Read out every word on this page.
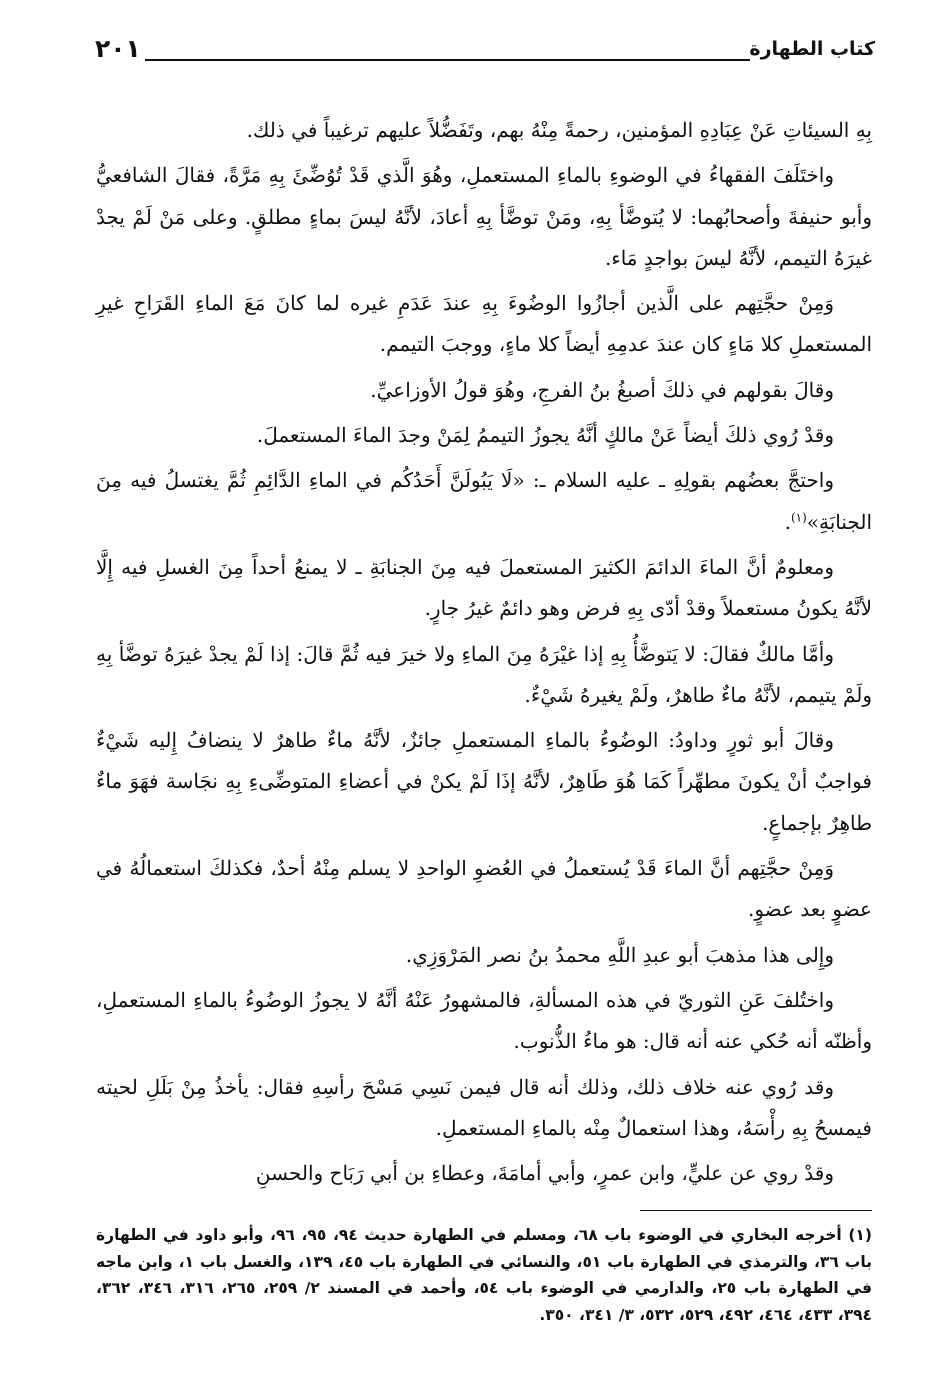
كتاب الطهارة
٢٠١

بِهِ السيئاتِ عَنْ عِبَادِهِ المؤمنين، رحمةً مِنْهُ بهم، وتَفَضُّلاً عليهم ترغيباً في ذلك.

واختَلَفَ الفقهاءُ في الوضوءِ بالماءِ المستعملِ، وهُوَ الَّذي قَدْ تُوُضِّئَ بِهِ مَرَّةً، فقالَ الشافعيُّ وأبو حنيفةَ وأصحابُهما: لا يُتوضَّأ بِهِ، ومَنْ توضَّأ بِهِ أعادَ، لأنَّهُ ليسَ بماءٍ مطلقٍ. وعلى مَنْ لَمْ يجدْ غيرَهُ التيمم، لأنَّهُ ليسَ بواجدٍ مَاء.

وَمِنْ حجَّتِهم على الَّذين أجازُوا الوضُوءَ بِهِ عندَ عَدَمِ غيره لما كانَ مَعَ الماءِ القَرَاحِ غيرِ المستعملِ كلا مَاءٍ كان عندَ عدمِهِ أيضاً كلا ماءٍ، ووجبَ التيمم.

وقالَ بقولهم في ذلكَ أصبغُ بنُ الفرجِ، وهُوَ قولُ الأوزاعيِّ.

وقدْ رُوي ذلكَ أيضاً عَنْ مالكٍ أنَّهُ يجوزُ التيممُ لِمَنْ وجدَ الماءَ المستعملَ.

واحتجَّ بعضُهم بقولِهِ ـ عليه السلام ـ: «لَا يَبُولَنَّ أَحَدُكُم في الماءِ الدَّائِمِ ثُمَّ يغتسلُ فيه مِنَ الجنابَةِ»$^{(١)}$.

ومعلومٌ أنَّ الماءَ الدائمَ الكثيرَ المستعملَ فيه مِنَ الجنابَةِ ـ لا يمنعُ أحداً مِنَ الغسلِ فيه إِلَّا لأنَّهُ يكونُ مستعملاً وقدْ أدّى بِهِ فرض وهو دائمٌ غيرُ جارٍ.

وأمَّا مالكٌ فقالَ: لا يَتوضَّأُ بِهِ إذا غيْرَهُ مِنَ الماءِ ولا خيرَ فيه ثُمَّ قالَ: إذا لَمْ يجدْ غيرَهُ توضَّأ بِهِ ولَمْ يتيمم، لأنَّهُ ماءٌ طاهرٌ، ولَمْ يغيرهُ شَيْءٌ.

وقالَ أبو ثورٍ وداودُ: الوضُوءُ بالماءِ المستعملِ جائزٌ، لأنَّهُ ماءٌ طاهرٌ لا ينضافُ إِليه شَيْءٌ فواجبٌ أنْ يكونَ مطهِّراً كَمَا هُوَ طَاهِرٌ، لأنَّهُ إذَا لَمْ يكنْ في أعضاءِ المتوضِّىءِ بِهِ نجَاسة فهَوَ ماءٌ طاهِرٌ بإجماعٍ.

وَمِنْ حجَّتِهم أنَّ الماءَ قَدْ يُستعملُ في العُضوِ الواحدِ لا يسلم مِنْهُ أحدٌ، فكذلكَ استعمالُهُ في عضوٍ بعد عضوٍ.

وإِلى هذا مذهبَ أبو عبدِ اللَّهِ محمدُ بنُ نصر المَرْوَزِي.

واختُلفَ عَنِ الثوريّ في هذه المسألةِ، فالمشهورُ عَنْهُ أنَّهُ لا يجوزُ الوضُوءُ بالماءِ المستعملِ، وأظنّه أنه حُكي عنه أنه قال: هو ماءُ الذُّنوب.

وقد رُوي عنه خلاف ذلك، وذلك أنه قال فيمن نَسِي مَسْحَ رأسِهِ فقال: يأخذُ مِنْ بَلَلِ لحيته فيمسحُ بِهِ رأْسَهُ، وهذا استعمالٌ مِنْه بالماءِ المستعملِ.

وقدْ روي عن عليٍّ، وابن عمرٍ، وأبي أمامَةَ، وعطاءِ بن أبي رَبَاح والحسنِ

(١) أخرجه البخاري في الوضوء باب ٦٨، ومسلم في الطهارة حديث ٩٤، ٩٥، ٩٦، وأبو داود في الطهارة باب ٣٦، والترمذي في الطهارة باب ٥١، والنسائي في الطهارة باب ٤٥، ١٣٩، والغسل باب ١، وابن ماجه في الطهارة باب ٢٥، والدارمي في الوضوء باب ٥٤، وأحمد في المسند ٢/ ٢٥٩، ٢٦٥، ٣١٦، ٣٤٦، ٣٦٢، ٣٩٤، ٤٣٣، ٤٦٤، ٤٩٢، ٥٢٩، ٥٣٢، ٣/ ٣٤١، ٣٥٠.
